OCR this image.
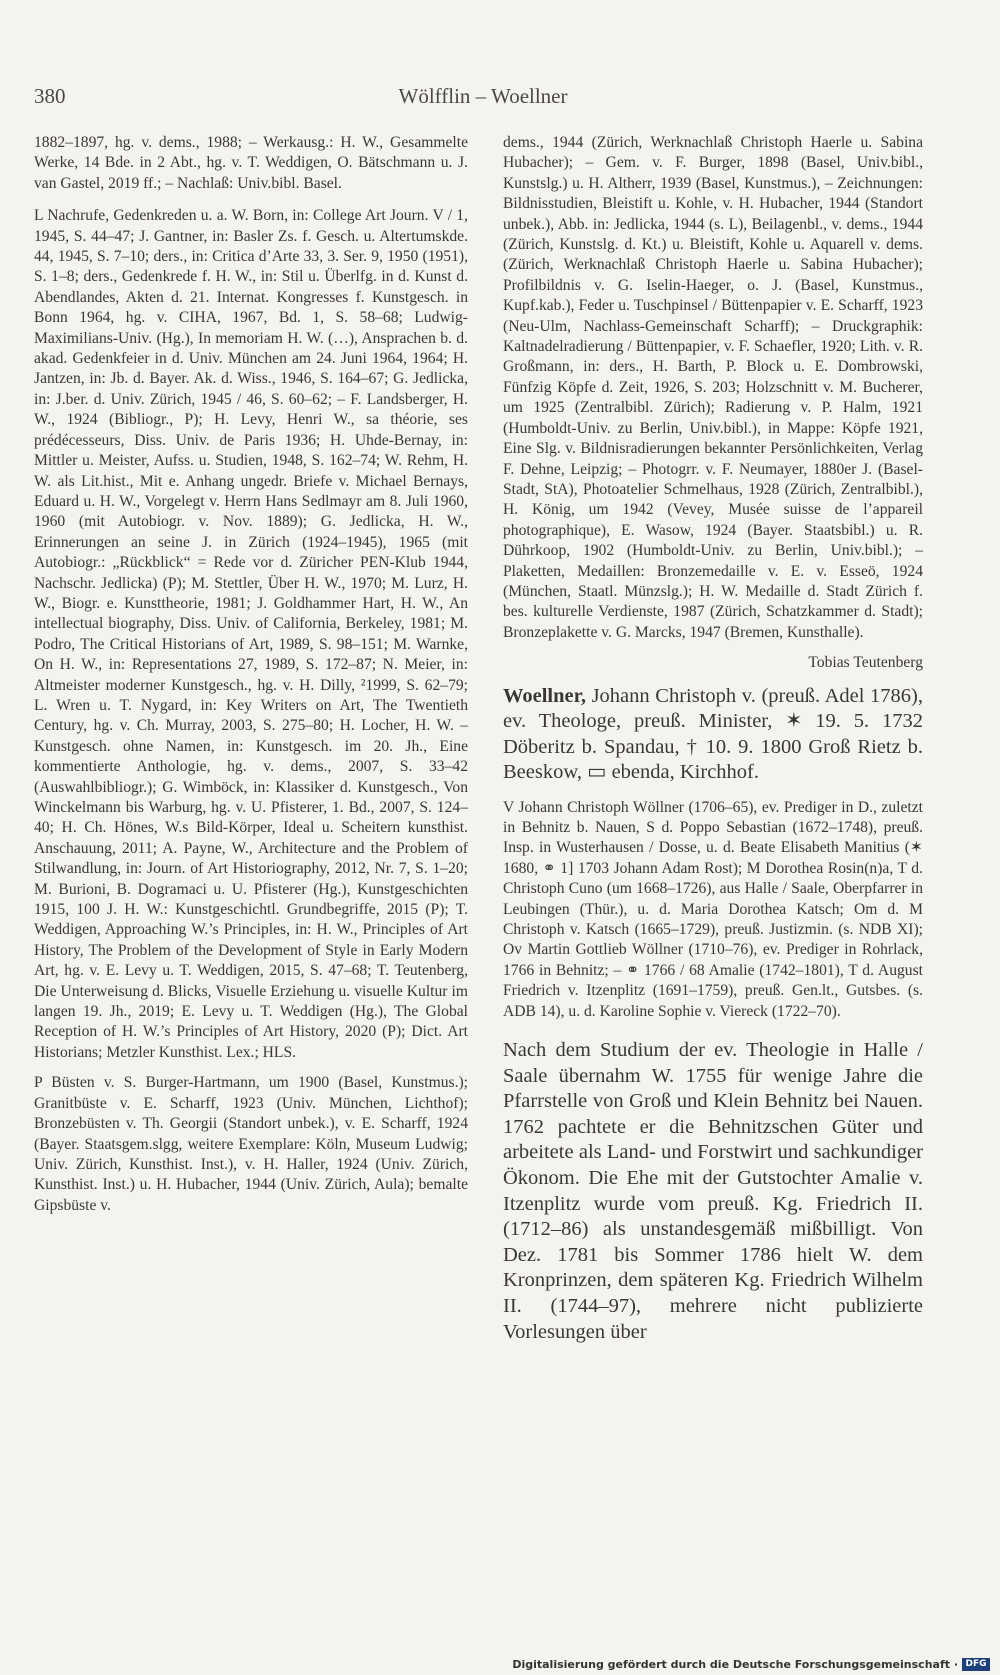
380	Wölfflin – Woellner

1882–1897, hg. v. dems., 1988; – Werkausg.: H. W., Gesammelte Werke, 14 Bde. in 2 Abt., hg. v. T. Weddigen, O. Bätschmann u. J. van Gastel, 2019 ff.; – Nachlaß: Univ.bibl. Basel.

L Nachrufe, Gedenkreden u. a. W. Born, in: College Art Journ. V / 1, 1945, S. 44–47; J. Gantner, in: Basler Zs. f. Gesch. u. Altertumskde. 44, 1945, S. 7–10; ders., in: Critica d’Arte 33, 3. Ser. 9, 1950 (1951), S. 1–8; ders., Gedenkrede f. H. W., in: Stil u. Überlfg. in d. Kunst d. Abendlandes, Akten d. 21. Internat. Kongresses f. Kunstgesch. in Bonn 1964, hg. v. CIHA, 1967, Bd. 1, S. 58–68; Ludwig-Maximilians-Univ. (Hg.), In memoriam H. W. (…), Ansprachen b. d. akad. Gedenkfeier in d. Univ. München am 24. Juni 1964, 1964; H. Jantzen, in: Jb. d. Bayer. Ak. d. Wiss., 1946, S. 164–67; G. Jedlicka, in: J.ber. d. Univ. Zürich, 1945 / 46, S. 60–62; – F. Landsberger, H. W., 1924 (Bibliogr., P); H. Levy, Henri W., sa théorie, ses prédécesseurs, Diss. Univ. de Paris 1936; H. Uhde-Bernay, in: Mittler u. Meister, Aufss. u. Studien, 1948, S. 162–74; W. Rehm, H. W. als Lit.hist., Mit e. Anhang ungedr. Briefe v. Michael Bernays, Eduard u. H. W., Vorgelegt v. Herrn Hans Sedlmayr am 8. Juli 1960, 1960 (mit Autobiogr. v. Nov. 1889); G. Jedlicka, H. W., Erinnerungen an seine J. in Zürich (1924–1945), 1965 (mit Autobiogr.: „Rückblick“ = Rede vor d. Züricher PEN-Klub 1944, Nachschr. Jedlicka) (P); M. Stettler, Über H. W., 1970; M. Lurz, H. W., Biogr. e. Kunsttheorie, 1981; J. Goldhammer Hart, H. W., An intellectual biography, Diss. Univ. of California, Berkeley, 1981; M. Podro, The Critical Historians of Art, 1989, S. 98–151; M. Warnke, On H. W., in: Representations 27, 1989, S. 172–87; N. Meier, in: Altmeister moderner Kunstgesch., hg. v. H. Dilly, ²1999, S. 62–79; L. Wren u. T. Nygard, in: Key Writers on Art, The Twentieth Century, hg. v. Ch. Murray, 2003, S. 275–80; H. Locher, H. W. – Kunstgesch. ohne Namen, in: Kunstgesch. im 20. Jh., Eine kommentierte Anthologie, hg. v. dems., 2007, S. 33–42 (Auswahlbibliogr.); G. Wimböck, in: Klassiker d. Kunstgesch., Von Winckelmann bis Warburg, hg. v. U. Pfisterer, 1. Bd., 2007, S. 124–40; H. Ch. Hönes, W.s Bild-Körper, Ideal u. Scheitern kunsthist. Anschauung, 2011; A. Payne, W., Architecture and the Problem of Stilwandlung, in: Journ. of Art Historiography, 2012, Nr. 7, S. 1–20; M. Burioni, B. Dogramaci u. U. Pfisterer (Hg.), Kunstgeschichten 1915, 100 J. H. W.: Kunstgeschichtl. Grundbegriffe, 2015 (P); T. Weddigen, Approaching W.’s Principles, in: H. W., Principles of Art History, The Problem of the Development of Style in Early Modern Art, hg. v. E. Levy u. T. Weddigen, 2015, S. 47–68; T. Teutenberg, Die Unterweisung d. Blicks, Visuelle Erziehung u. visuelle Kultur im langen 19. Jh., 2019; E. Levy u. T. Weddigen (Hg.), The Global Reception of H. W.’s Principles of Art History, 2020 (P); Dict. Art Historians; Metzler Kunsthist. Lex.; HLS.

P Büsten v. S. Burger-Hartmann, um 1900 (Basel, Kunstmus.); Granitbüste v. E. Scharff, 1923 (Univ. München, Lichthof); Bronzebüsten v. Th. Georgii (Standort unbek.), v. E. Scharff, 1924 (Bayer. Staatsgem.slgg, weitere Exemplare: Köln, Museum Ludwig; Univ. Zürich, Kunsthist. Inst.), v. H. Haller, 1924 (Univ. Zürich, Kunsthist. Inst.) u. H. Hubacher, 1944 (Univ. Zürich, Aula); bemalte Gipsbüste v.

dems., 1944 (Zürich, Werknachlaß Christoph Haerle u. Sabina Hubacher); – Gem. v. F. Burger, 1898 (Basel, Univ.bibl., Kunstslg.) u. H. Altherr, 1939 (Basel, Kunstmus.), – Zeichnungen: Bildnisstudien, Bleistift u. Kohle, v. H. Hubacher, 1944 (Standort unbek.), Abb. in: Jedlicka, 1944 (s. L), Beilagenbl., v. dems., 1944 (Zürich, Kunstslg. d. Kt.) u. Bleistift, Kohle u. Aquarell v. dems. (Zürich, Werknachlaß Christoph Haerle u. Sabina Hubacher); Profilbildnis v. G. Iselin-Haeger, o. J. (Basel, Kunstmus., Kupf.kab.), Feder u. Tuschpinsel / Büttenpapier v. E. Scharff, 1923 (Neu-Ulm, Nachlass-Gemeinschaft Scharff); – Druckgraphik: Kaltnadelradierung / Büttenpapier, v. F. Schaefler, 1920; Lith. v. R. Großmann, in: ders., H. Barth, P. Block u. E. Dombrowski, Fünfzig Köpfe d. Zeit, 1926, S. 203; Holzschnitt v. M. Bucherer, um 1925 (Zentralbibl. Zürich); Radierung v. P. Halm, 1921 (Humboldt-Univ. zu Berlin, Univ.bibl.), in Mappe: Köpfe 1921, Eine Slg. v. Bildnisradierungen bekannter Persönlichkeiten, Verlag F. Dehne, Leipzig; – Photogrr. v. F. Neumayer, 1880er J. (Basel-Stadt, StA), Photoatelier Schmelhaus, 1928 (Zürich, Zentralbibl.), H. König, um 1942 (Vevey, Musée suisse de l’appareil photographique), E. Wasow, 1924 (Bayer. Staatsbibl.) u. R. Dührkoop, 1902 (Humboldt-Univ. zu Berlin, Univ.bibl.); – Plaketten, Medaillen: Bronzemedaille v. E. v. Esseö, 1924 (München, Staatl. Münzslg.); H. W. Medaille d. Stadt Zürich f. bes. kulturelle Verdienste, 1987 (Zürich, Schatzkammer d. Stadt); Bronzeplakette v. G. Marcks, 1947 (Bremen, Kunsthalle).

Tobias Teutenberg

Woellner, Johann Christoph v. (preuß. Adel 1786), ev. Theologe, preuß. Minister, ✶ 19. 5. 1732 Döberitz b. Spandau, † 10. 9. 1800 Groß Rietz b. Beeskow, ▭ ebenda, Kirchhof.

V Johann Christoph Wöllner (1706–65), ev. Prediger in D., zuletzt in Behnitz b. Nauen, S d. Poppo Sebastian (1672–1748), preuß. Insp. in Wusterhausen / Dosse, u. d. Beate Elisabeth Manitius (✶ 1680, ⚭ 1] 1703 Johann Adam Rost); M Dorothea Rosin(n)a, T d. Christoph Cuno (um 1668–1726), aus Halle / Saale, Oberpfarrer in Leubingen (Thür.), u. d. Maria Dorothea Katsch; Om d. M Christoph v. Katsch (1665–1729), preuß. Justizmin. (s. NDB XI); Ov Martin Gottlieb Wöllner (1710–76), ev. Prediger in Rohrlack, 1766 in Behnitz; – ⚭ 1766 / 68 Amalie (1742–1801), T d. August Friedrich v. Itzenplitz (1691–1759), preuß. Gen.lt., Gutsbes. (s. ADB 14), u. d. Karoline Sophie v. Viereck (1722–70).

Nach dem Studium der ev. Theologie in Halle / Saale übernahm W. 1755 für wenige Jahre die Pfarrstelle von Groß und Klein Behnitz bei Nauen. 1762 pachtete er die Behnitzschen Güter und arbeitete als Land- und Forstwirt und sachkundiger Ökonom. Die Ehe mit der Gutstochter Amalie v. Itzenplitz wurde vom preuß. Kg. Friedrich II. (1712–86) als unstandesgemäß mißbilligt. Von Dez. 1781 bis Sommer 1786 hielt W. dem Kronprinzen, dem späteren Kg. Friedrich Wilhelm II. (1744–97), mehrere nicht publizierte Vorlesungen über

Digitalisierung gefördert durch die Deutsche Forschungsgemeinschaft · DFG
